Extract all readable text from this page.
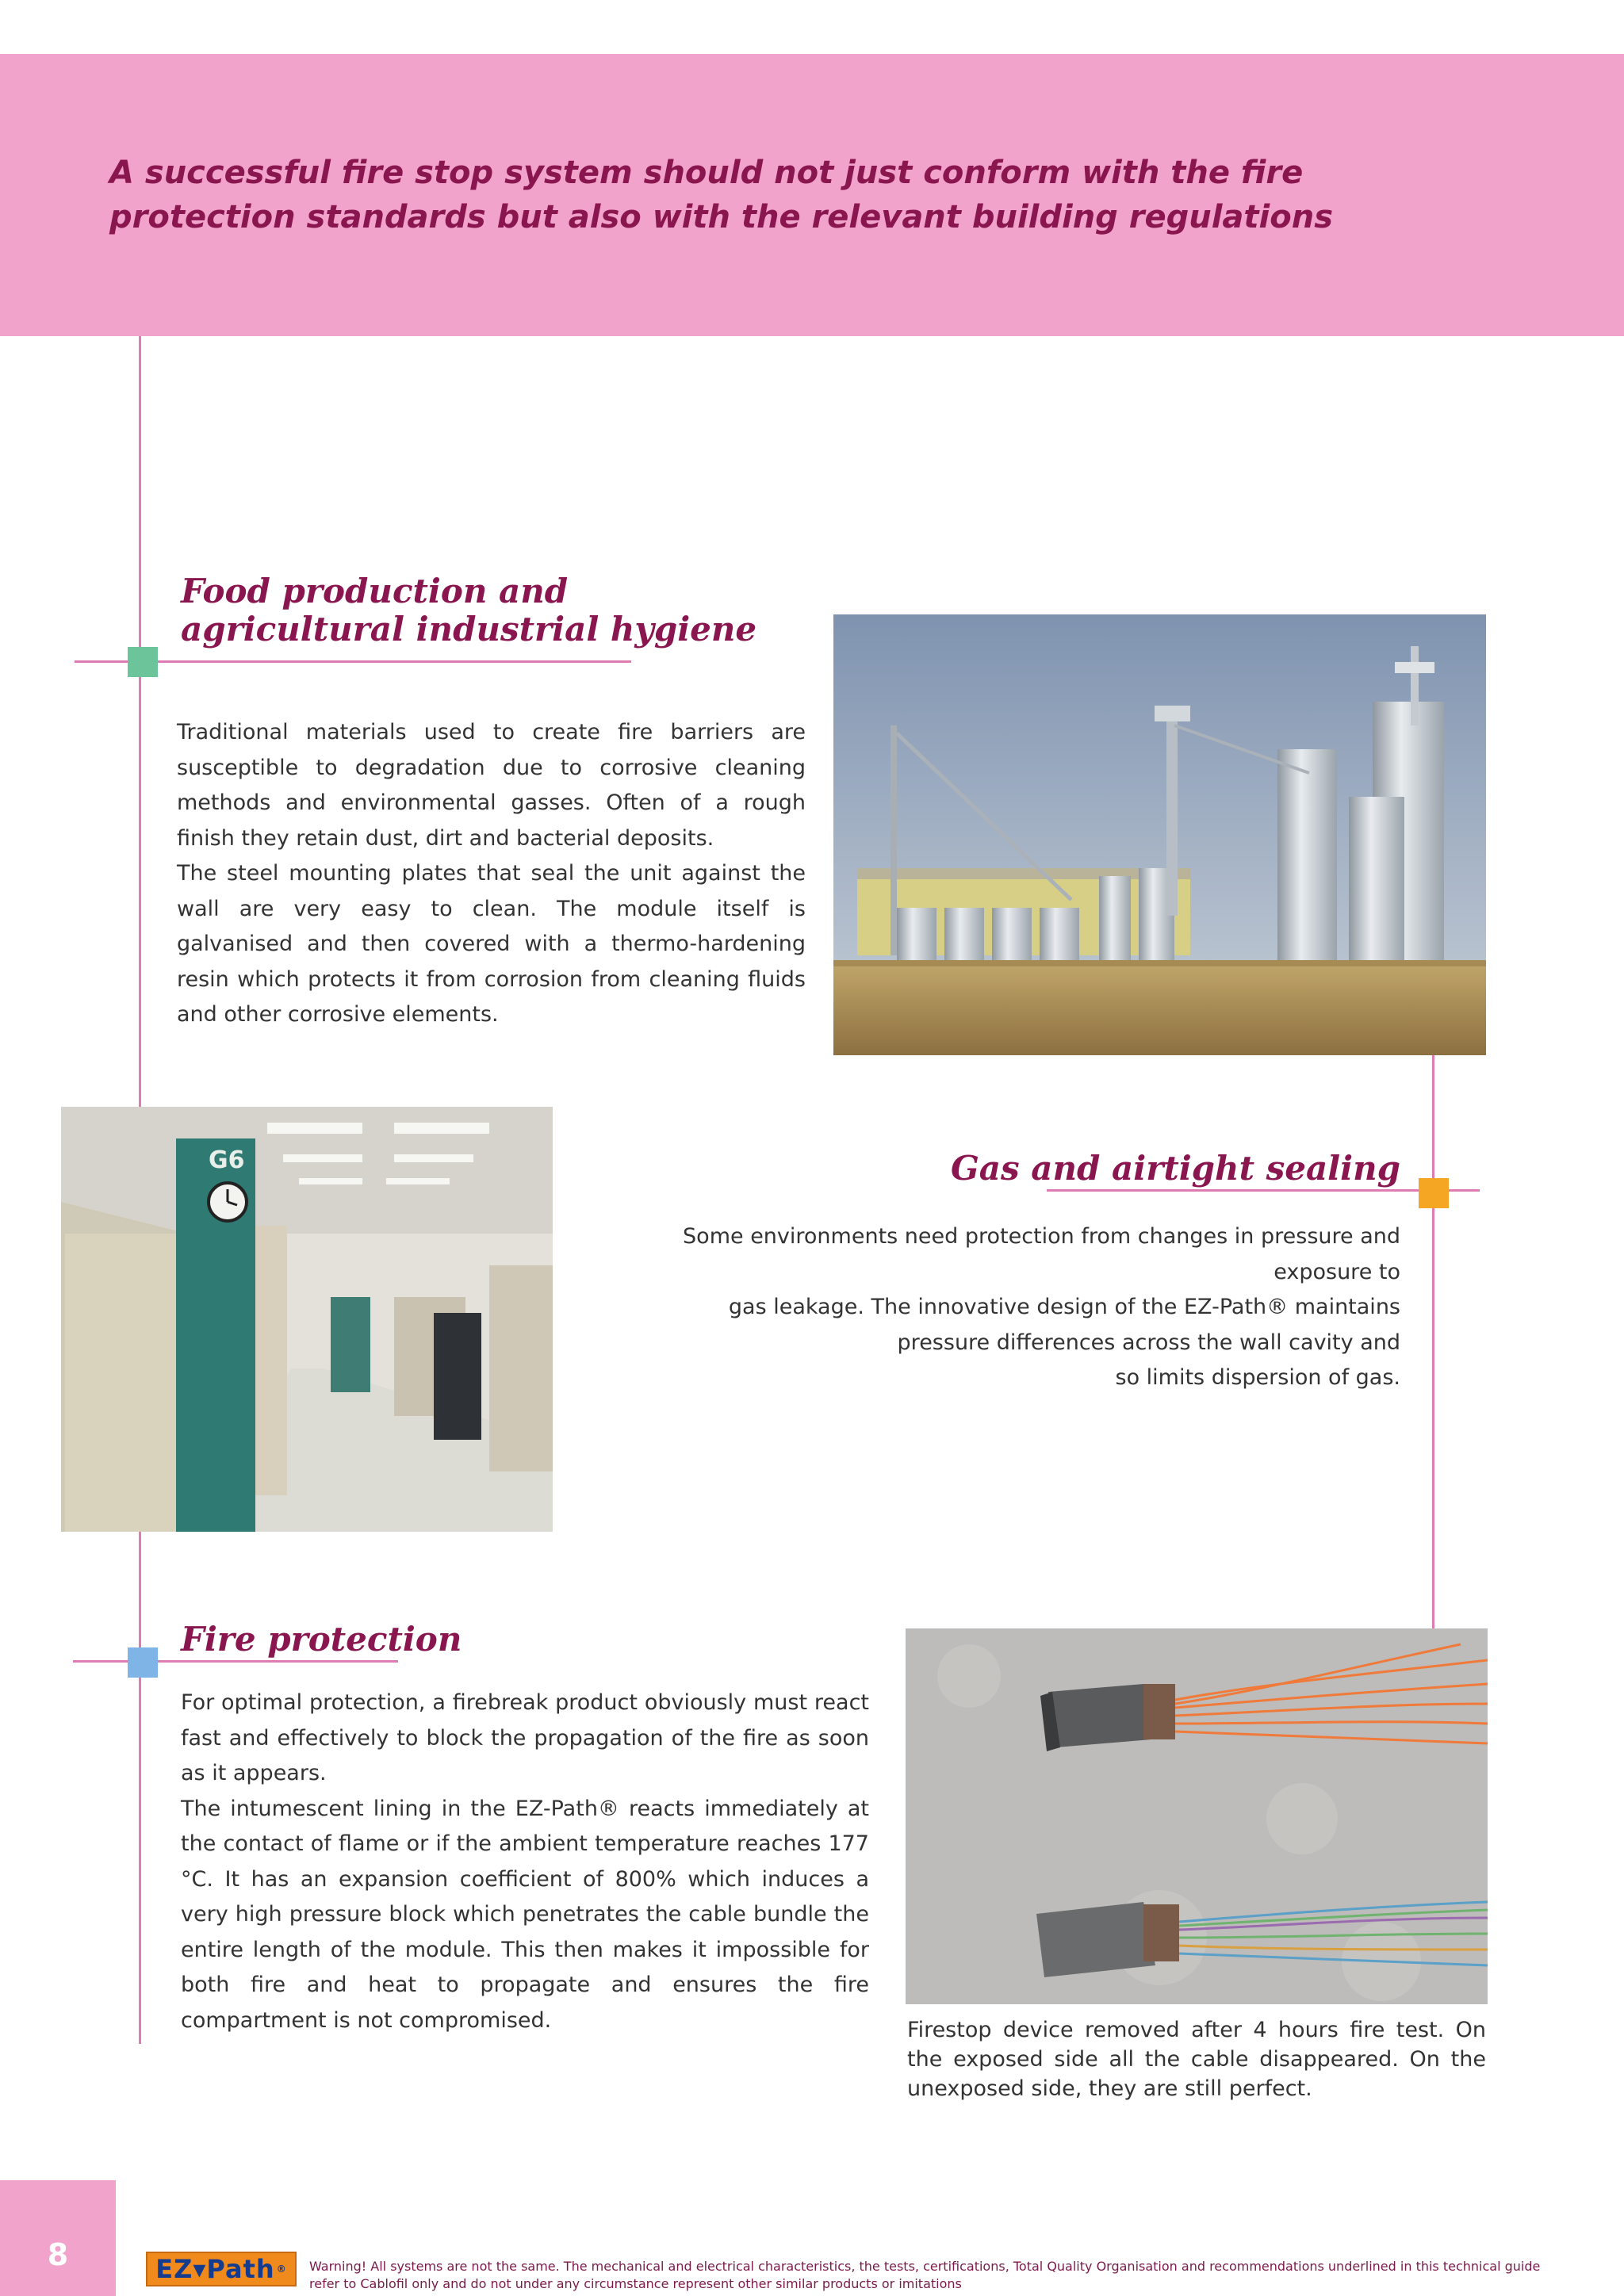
A successful fire stop system should not just conform with the fire
protection standards but also with the relevant building regulations
Food production and
agricultural industrial hygiene

Traditional materials used to create fire barriers are susceptible to degradation due to corrosive cleaning methods and environmental gasses. Often of a rough finish they retain dust, dirt and bacterial deposits.

The steel mounting plates that seal the unit against the wall are very easy to clean. The module itself is galvanised and then covered with a thermo-hardening resin which protects it from corrosion from cleaning fluids and other corrosive elements.

G6	Gas and airtight sealing

Some environments need protection from changes in pressure and exposure to

gas leakage. The innovative design of the EZ-Path® maintains

pressure differences across the wall cavity and

so limits dispersion of gas.

Fire protection

For optimal protection, a firebreak product obviously must react fast and effectively to block the propagation of the fire as soon as it appears.

The intumescent lining in the EZ-Path® reacts immediately at the contact of flame or if the ambient temperature reaches 177 °C. It has an expansion coefficient of 800% which induces a very high pressure block which penetrates the cable bundle the entire length of the module. This then makes it impossible for both fire and heat to propagate and ensures the fire compartment is not compromised.	Firestop device removed after 4 hours fire test. On the exposed side all the cable disappeared. On the unexposed side, they are still perfect.

8	EZ▾Path ® Warning! All systems are not the same. The mechanical and electrical characteristics, the tests, certifications, Total Quality Organisation and recommendations underlined in this technical guide refer to Cablofil only and do not under any circumstance represent other similar products or imitations
